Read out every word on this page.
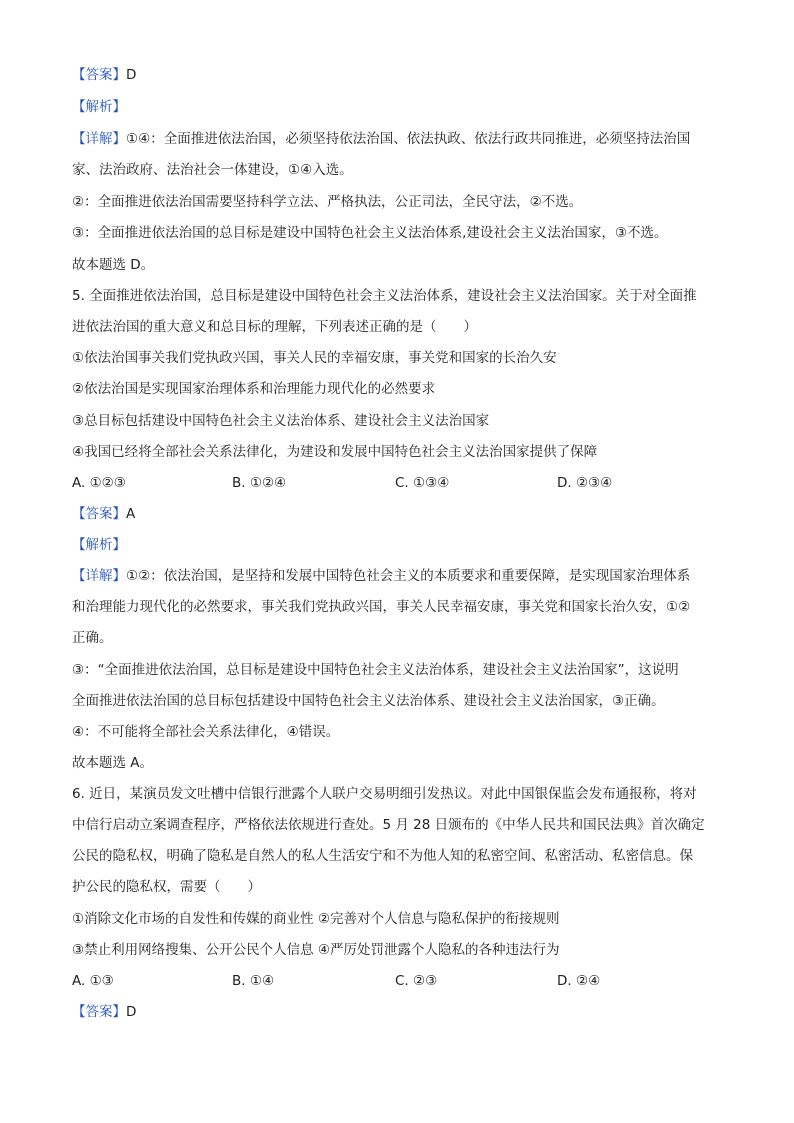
【答案】D
【解析】
【详解】①④：全面推进依法治国，必须坚持依法治国、依法执政、依法行政共同推进，必须坚持法治国
家、法治政府、法治社会一体建设，①④入选。
②：全面推进依法治国需要坚持科学立法、严格执法，公正司法，全民守法，②不选。
③：全面推进依法治国的总目标是建设中国特色社会主义法治体系,建设社会主义法治国家，③不选。
故本题选 D。
5. 全面推进依法治国，总目标是建设中国特色社会主义法治体系，建设社会主义法治国家。关于对全面推
进依法治国的重大意义和总目标的理解，下列表述正确的是（　　）
①依法治国事关我们党执政兴国，事关人民的幸福安康，事关党和国家的长治久安
②依法治国是实现国家治理体系和治理能力现代化的必然要求
③总目标包括建设中国特色社会主义法治体系、建设社会主义法治国家
④我国已经将全部社会关系法律化，为建设和发展中国特色社会主义法治国家提供了保障
A. ①②③	B. ①②④	C. ①③④	D. ②③④
【答案】A
【解析】
【详解】①②：依法治国，是坚持和发展中国特色社会主义的本质要求和重要保障，是实现国家治理体系
和治理能力现代化的必然要求，事关我们党执政兴国，事关人民幸福安康，事关党和国家长治久安，①②
正确。
③：“全面推进依法治国，总目标是建设中国特色社会主义法治体系，建设社会主义法治国家”，这说明
全面推进依法治国的总目标包括建设中国特色社会主义法治体系、建设社会主义法治国家，③正确。
④：不可能将全部社会关系法律化，④错误。
故本题选 A。
6. 近日，某演员发文吐槽中信银行泄露个人联户交易明细引发热议。对此中国银保监会发布通报称，将对
中信行启动立案调查程序，严格依法依规进行查处。5 月 28 日颁布的《中华人民共和国民法典》首次确定
公民的隐私权，明确了隐私是自然人的私人生活安宁和不为他人知的私密空间、私密活动、私密信息。保
护公民的隐私权，需要（　　）
①消除文化市场的自发性和传媒的商业性 ②完善对个人信息与隐私保护的衔接规则
③禁止利用网络搜集、公开公民个人信息 ④严厉处罚泄露个人隐私的各种违法行为
A. ①③	B. ①④	C. ②③	D. ②④
【答案】D
